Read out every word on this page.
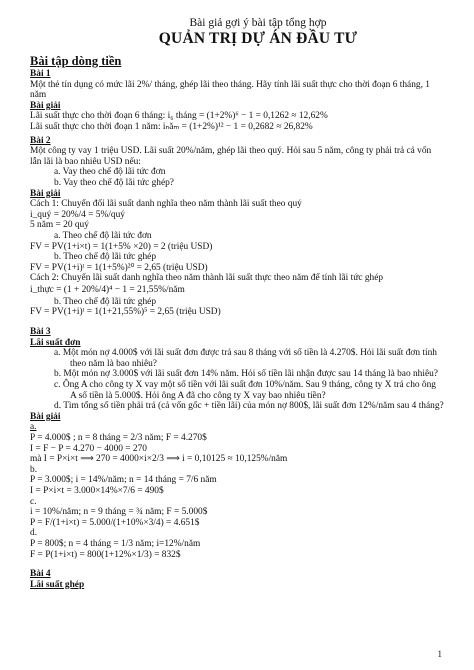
Bài giả gợi ý bài tập tổng hợp
QUẢN TRỊ DỰ ÁN ĐẦU TƯ
Bài tập dòng tiền
Bài 1
Một thẻ tín dụng có mức lãi 2%/ tháng, ghép lãi theo tháng. Hãy tính lãi suất thực cho thời đoạn 6 tháng, 1
năm
Bài giải
Lãi suất thực cho thời đoạn 6 tháng: i₆ tháng = (1+2%)⁶ − 1 = 0,1262 ≈ 12,62%
Lãi suất thực cho thời đoạn 1 năm: iₙăₘ = (1+2%)¹² − 1 = 0,2682 ≈ 26,82%
Bài 2
Một công ty vay 1 triệu USD. Lãi suất 20%/năm, ghép lãi theo quý. Hỏi sau 5 năm, công ty phải trả cả vốn
lẫn lãi là bao nhiêu USD nếu:
a. Vay theo chế độ lãi tức đơn
b. Vay theo chế độ lãi tức ghép?
Bài giải
Cách 1: Chuyển đổi lãi suất danh nghĩa theo năm thành lãi suất theo quý
i_quý = 20%/4 = 5%/quý
5 năm = 20 quý
a. Theo chế độ lãi tức đơn
FV = PV(1+i×t) = 1(1+5% ×20) = 2 (triệu USD)
b. Theo chế độ lãi tức ghép
FV = PV(1+i)ᵗ = 1(1+5%)²⁰ = 2,65 (triệu USD)
Cách 2: Chuyển lãi suất danh nghĩa theo năm thành lãi suất thực theo năm để tính lãi tức ghép
i_thực = (1 + 20%/4)⁴ − 1 = 21,55%/năm
b. Theo chế độ lãi tức ghép
FV = PV(1+i)ᵗ = 1(1+21,55%)⁵ = 2,65 (triệu USD)
Bài 3
Lãi suất đơn
a. Một món nợ 4.000$ với lãi suất đơn được trả sau 8 tháng với số tiền là 4.270$. Hỏi lãi suất đơn tính
theo năm là bao nhiêu?
b. Một món nợ 3.000$ với lãi suất đơn 14% năm. Hỏi số tiền lãi nhận được sau 14 tháng là bao nhiêu?
c. Ông A cho công ty X vay một số tiền với lãi suất đơn 10%/năm. Sau 9 tháng, công ty X trả cho ông
A số tiền là 5.000$. Hỏi ông A đã cho công ty X vay bao nhiêu tiền?
d. Tìm tổng số tiền phải trả (cả vốn gốc + tiền lãi) của món nợ 800$, lãi suất đơn 12%/năm sau 4 tháng?
Bài giải
a.
P = 4.000$ ; n = 8 tháng = 2/3 năm; F = 4.270$
I = F − P = 4.270 − 4000 = 270
mà I = P×i×t ⟹ 270 = 4000×i×2/3 ⟹ i = 0,10125 ≈ 10,125%/năm
b.
P = 3.000$; i = 14%/năm; n = 14 tháng = 7/6 năm
I = P×i×t = 3.000×14%×7/6 = 490$
c.
i = 10%/năm; n = 9 tháng = ¾ năm; F = 5.000$
P = F/(1+i×t) = 5.000/(1+10%×3/4) = 4.651$
d.
P = 800$; n = 4 tháng = 1/3 năm; i=12%/năm
F = P(1+i×t) = 800(1+12%×1/3) = 832$
Bài 4
Lãi suất ghép
1
